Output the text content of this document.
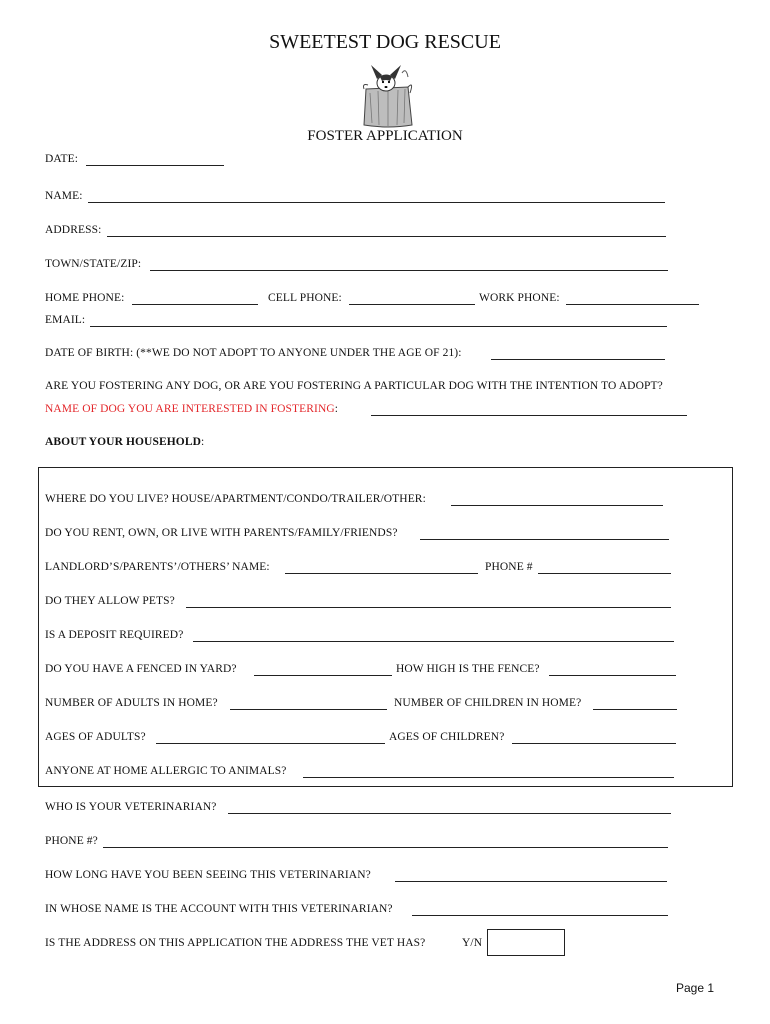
SWEETEST DOG RESCUE
FOSTER APPLICATION
DATE:
NAME:
ADDRESS:
TOWN/STATE/ZIP:
HOME PHONE:	CELL PHONE:	WORK PHONE:
EMAIL:
DATE OF BIRTH: (**WE DO NOT ADOPT TO ANYONE UNDER THE AGE OF 21):
ARE YOU FOSTERING ANY DOG, OR ARE YOU FOSTERING A PARTICULAR DOG WITH THE INTENTION TO ADOPT?
NAME OF DOG YOU ARE INTERESTED IN FOSTERING:
ABOUT YOUR HOUSEHOLD:
WHERE DO YOU LIVE? HOUSE/APARTMENT/CONDO/TRAILER/OTHER:
DO YOU RENT, OWN, OR LIVE WITH PARENTS/FAMILY/FRIENDS?
LANDLORD’S/PARENTS’/OTHERS’ NAME:	PHONE #
DO THEY ALLOW PETS?
IS A DEPOSIT REQUIRED?
DO YOU HAVE A FENCED IN YARD?	HOW HIGH IS THE FENCE?
NUMBER OF ADULTS IN HOME?	NUMBER OF CHILDREN IN HOME?
AGES OF ADULTS?	AGES OF CHILDREN?
ANYONE AT HOME ALLERGIC TO ANIMALS?
WHO IS YOUR VETERINARIAN?
PHONE #?
HOW LONG HAVE YOU BEEN SEEING THIS VETERINARIAN?
IN WHOSE NAME IS THE ACCOUNT WITH THIS VETERINARIAN?
IS THE ADDRESS ON THIS APPLICATION THE ADDRESS THE VET HAS?	Y/N
Page 1
